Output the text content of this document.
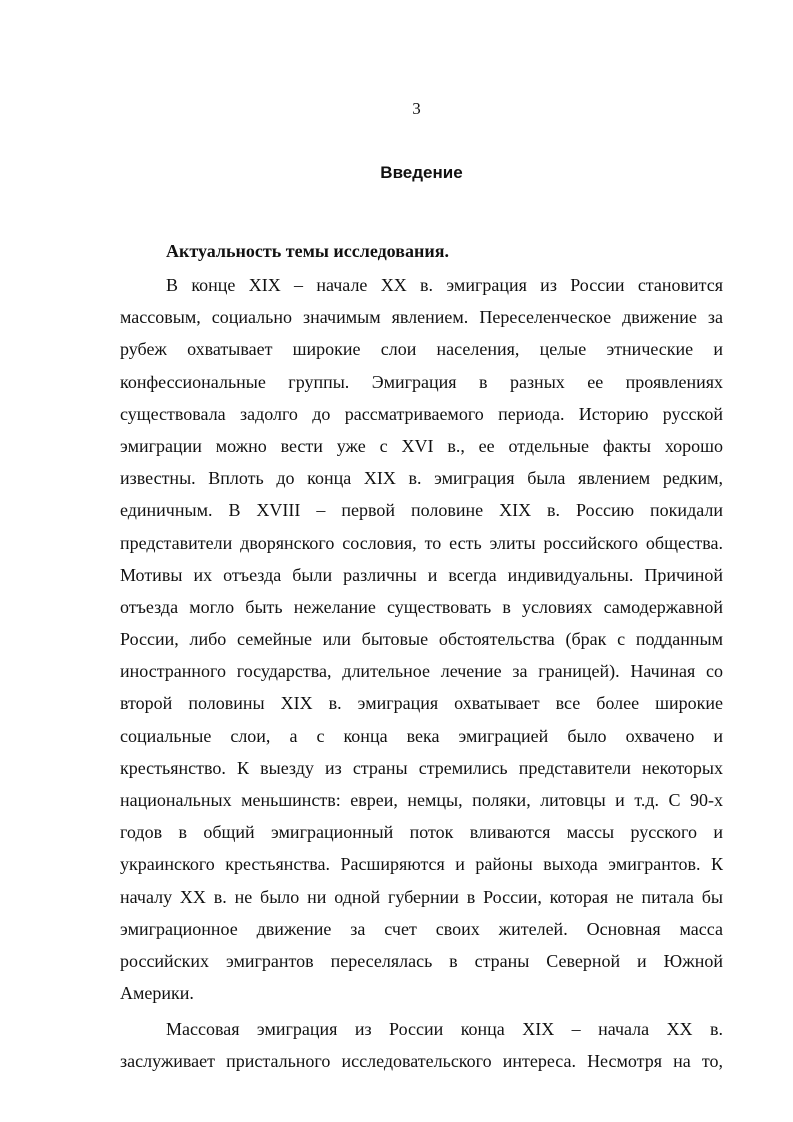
3
Введение
Актуальность темы исследования.
В конце XIX – начале XX в. эмиграция из России становится
массовым, социально значимым явлением. Переселенческое движение за
рубеж охватывает широкие слои населения, целые этнические и
конфессиональные группы. Эмиграция в разных ее проявлениях
существовала задолго до рассматриваемого периода. Историю русской
эмиграции можно вести уже с XVI в., ее отдельные факты хорошо
известны. Вплоть до конца XIX в. эмиграция была явлением редким,
единичным. В XVIII – первой половине XIX в. Россию покидали
представители дворянского сословия, то есть элиты российского общества.
Мотивы их отъезда были различны и всегда индивидуальны. Причиной
отъезда могло быть нежелание существовать в условиях самодержавной
России, либо семейные или бытовые обстоятельства (брак с подданным
иностранного государства, длительное лечение за границей). Начиная со
второй половины XIX в. эмиграция охватывает все более широкие
социальные слои, а с конца века эмиграцией было охвачено и
крестьянство. К выезду из страны стремились представители некоторых
национальных меньшинств: евреи, немцы, поляки, литовцы и т.д. С 90-х
годов в общий эмиграционный поток вливаются массы русского и
украинского крестьянства. Расширяются и районы выхода эмигрантов. К
началу XX в. не было ни одной губернии в России, которая не питала бы
эмиграционное движение за счет своих жителей. Основная масса
российских эмигрантов переселялась в страны Северной и Южной
Америки.
Массовая эмиграция из России конца XIX – начала XX в.
заслуживает пристального исследовательского интереса. Несмотря на то,
